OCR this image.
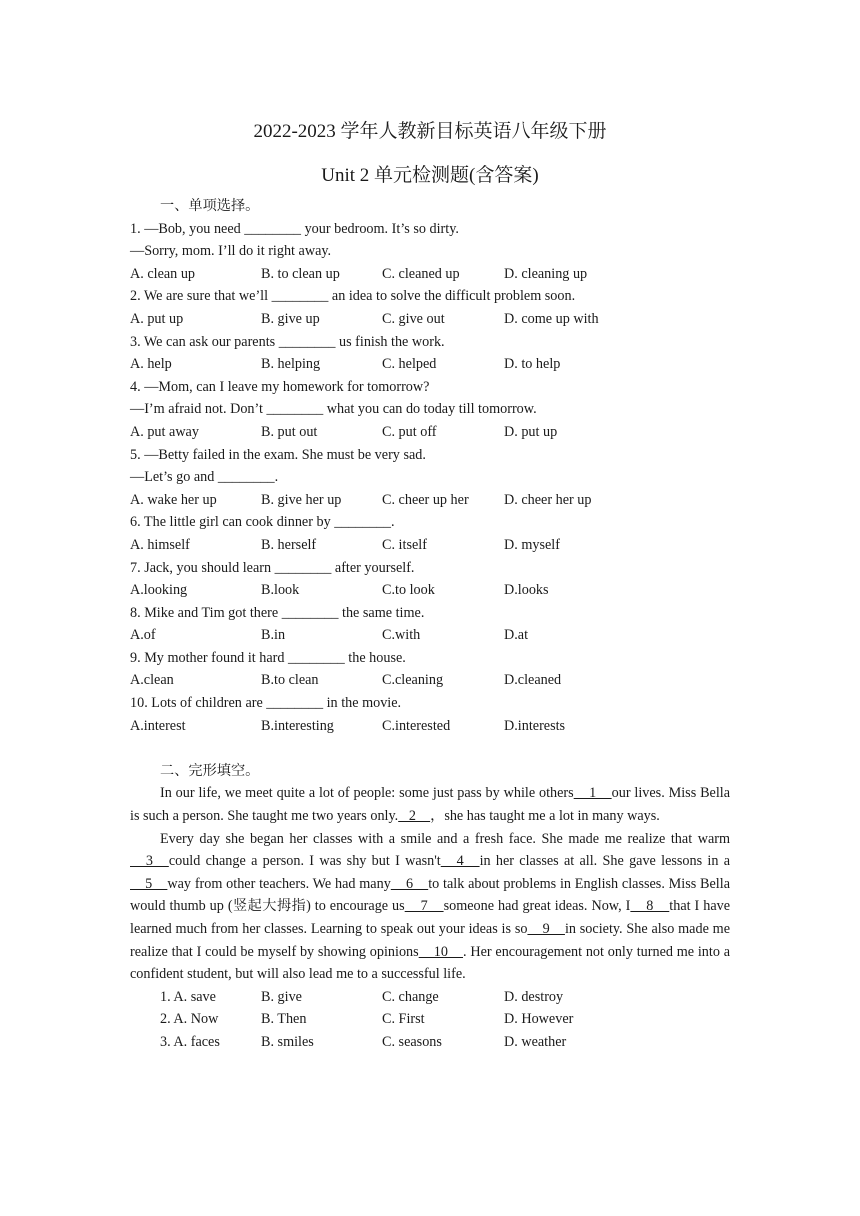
2022-2023 学年人教新目标英语八年级下册
Unit 2 单元检测题(含答案)
一、单项选择。
1. —Bob, you need ________ your bedroom. It’s so dirty.
—Sorry, mom. I’ll do it right away.
A. clean up	B. to clean up	C. cleaned up	D. cleaning up
2. We are sure that we’ll ________ an idea to solve the difficult problem soon.
A. put up	B. give up	C. give out	D. come up with
3. We can ask our parents ________ us finish the work.
A. help	B. helping	C. helped	D. to help
4. —Mom, can I leave my homework for tomorrow?
—I’m afraid not. Don’t ________ what you can do today till tomorrow.
A. put away	B. put out	C. put off	D. put up
5. —Betty failed in the exam. She must be very sad.
—Let’s go and ________.
A. wake her up	B. give her up	C. cheer up her	D. cheer her up
6. The little girl can cook dinner by ________.
A. himself	B. herself	C. itself	D. myself
7. Jack, you should learn ________ after yourself.
A.looking	B.look	C.to look	D.looks
8. Mike and Tim got there ________ the same time.
A.of	B.in	C.with	D.at
9. My mother found it hard ________ the house.
A.clean	B.to clean	C.cleaning	D.cleaned
10. Lots of children are ________ in the movie.
A.interest	B.interesting	C.interested	D.interests
二、完形填空。
In our life, we meet quite a lot of people: some just pass by while others    1    our lives. Miss Bella is such a person. She taught me two years only.   2    ，she has taught me a lot in many ways.
Every day she began her classes with a smile and a fresh face. She made me realize that warm   3   could change a person. I was shy but I wasn't   4   in her classes at all. She gave lessons in a    5    way from other teachers. We had many    6    to talk about problems in English classes. Miss Bella would thumb up (竖起大拇指) to encourage us    7    someone had great ideas. Now, I    8    that I have learned much from her classes. Learning to speak out your ideas is so    9    in society. She also made me realize that I could be myself by showing opinions    10    . Her encouragement not only turned me into a confident student, but will also lead me to a successful life.
1. A. save	B. give	C. change	D. destroy
2. A. Now	B. Then	C. First	D. However
3. A. faces	B. smiles	C. seasons	D. weather
